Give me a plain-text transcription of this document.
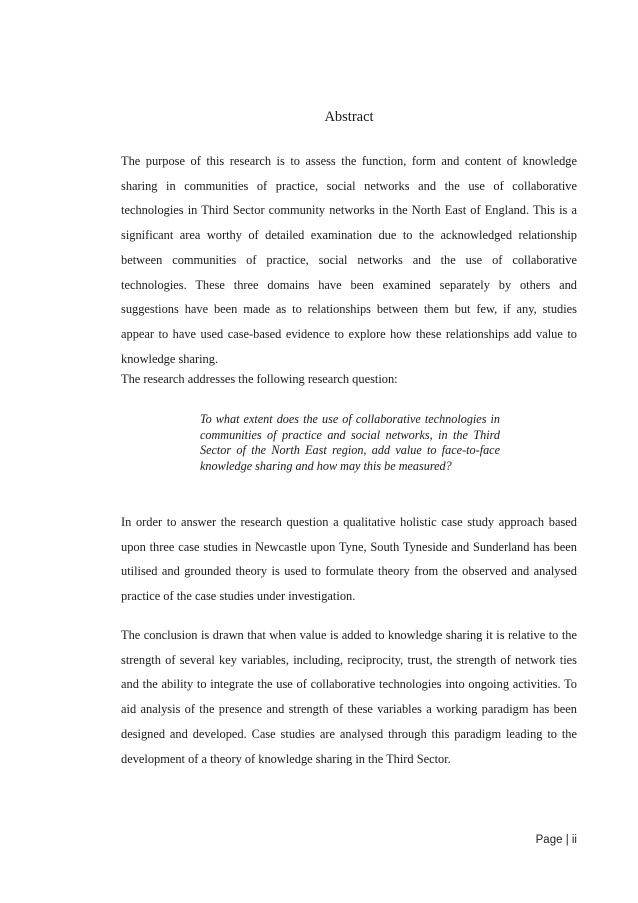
Abstract
The purpose of this research is to assess the function, form and content of knowledge sharing in communities of practice, social networks and the use of collaborative technologies in Third Sector community networks in the North East of England. This is a significant area worthy of detailed examination due to the acknowledged relationship between communities of practice, social networks and the use of collaborative technologies. These three domains have been examined separately by others and suggestions have been made as to relationships between them but few, if any, studies appear to have used case-based evidence to explore how these relationships add value to knowledge sharing.
The research addresses the following research question:
To what extent does the use of collaborative technologies in communities of practice and social networks, in the Third Sector of the North East region, add value to face-to-face knowledge sharing and how may this be measured?
In order to answer the research question a qualitative holistic case study approach based upon three case studies in Newcastle upon Tyne, South Tyneside and Sunderland has been utilised and grounded theory is used to formulate theory from the observed and analysed practice of the case studies under investigation.
The conclusion is drawn that when value is added to knowledge sharing it is relative to the strength of several key variables, including, reciprocity, trust, the strength of network ties and the ability to integrate the use of collaborative technologies into ongoing activities. To aid analysis of the presence and strength of these variables a working paradigm has been designed and developed. Case studies are analysed through this paradigm leading to the development of a theory of knowledge sharing in the Third Sector.
Page | ii
